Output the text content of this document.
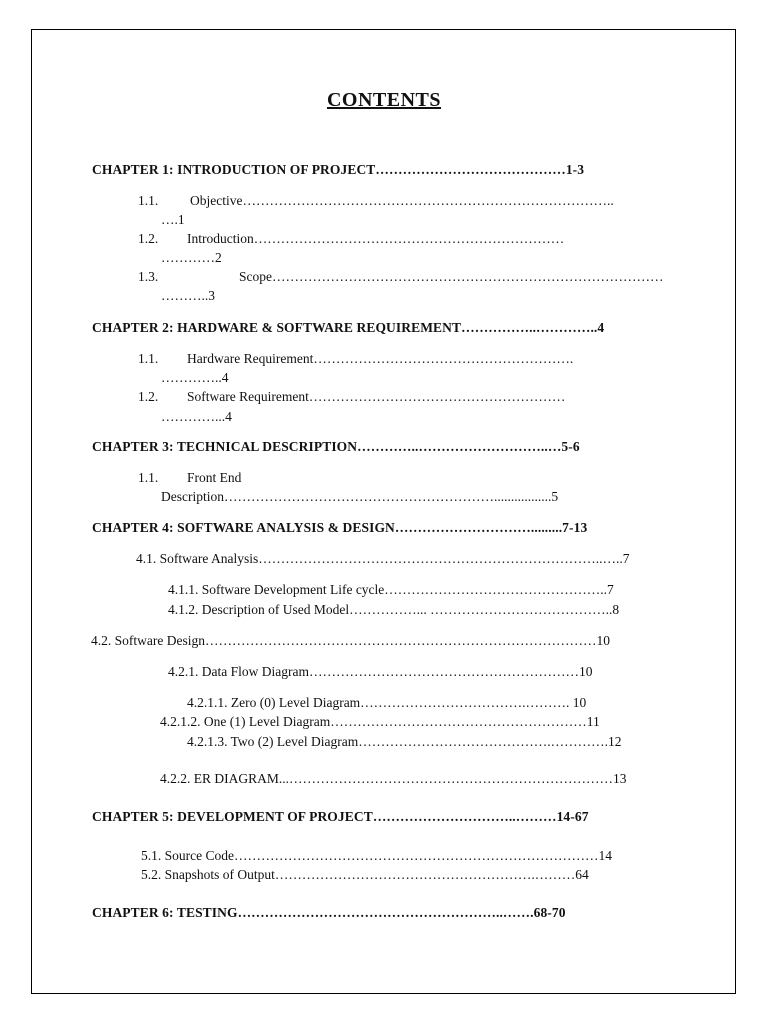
CONTENTS
CHAPTER 1: INTRODUCTION OF PROJECT……………………………………1-3
1.1. Objective………………………………………………………………………..
….1
1.2. Introduction……………………………………………………………
…………2
1.3.	Scope……………………………………………………………………………
………..3
CHAPTER 2: HARDWARE & SOFTWARE REQUIREMENT……………..…………..4
1.1. Hardware Requirement………………………………………………….
…………..4
1.2. Software Requirement…………………………………………………
…………...4
CHAPTER 3: TECHNICAL DESCRIPTION…………..………………………..…5-6
1.1. Front End
Description…………………………………………………….................5
CHAPTER 4: SOFTWARE ANALYSIS & DESIGN………………………….........7-13
4.1. Software Analysis…………………………………………………………………..…..7
4.1.1. Software Development Life cycle…………………………………………..7
4.1.2. Description of Used Model……………... …………………………………..8
4.2. Software Design……………………………………………………………………………10
4.2.1. Data Flow Diagram……………………………………………………10
4.2.1.1. Zero (0) Level Diagram……………………………….………. 10
4.2.1.2. One (1) Level Diagram…………………………………………………11
4.2.1.3. Two (2) Level Diagram…………………………………….………….12
4.2.2. ER DIAGRAM...………………………………………………………………13
CHAPTER 5: DEVELOPMENT OF PROJECT…………………………..………14-67
5.1. Source Code………………………………………………………………………14
5.2. Snapshots of Output………………………………………………….………64
CHAPTER 6: TESTING…………………………………………………..…….68-70
